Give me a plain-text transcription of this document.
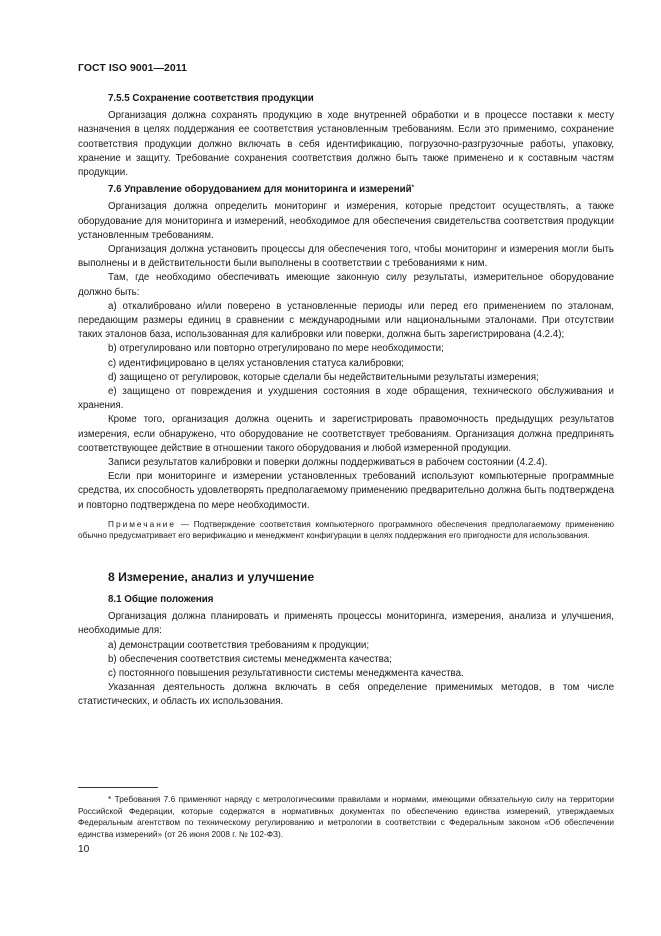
ГОСТ ISO 9001—2011
7.5.5 Сохранение соответствия продукции

Организация должна сохранять продукцию в ходе внутренней обработки и в процессе поставки к месту назначения в целях поддержания ее соответствия установленным требованиям. Если это применимо, сохранение соответствия продукции должно включать в себя идентификацию, погрузочно-разгрузочные работы, упаковку, хранение и защиту. Требование сохранения соответствия должно быть также применено и к составным частям продукции.

7.6 Управление оборудованием для мониторинга и измерений*

Организация должна определить мониторинг и измерения, которые предстоит осуществлять, а также оборудование для мониторинга и измерений, необходимое для обеспечения свидетельства соответствия продукции установленным требованиям.

Организация должна установить процессы для обеспечения того, чтобы мониторинг и измерения могли быть выполнены и в действительности были выполнены в соответствии с требованиями к ним.

Там, где необходимо обеспечивать имеющие законную силу результаты, измерительное оборудование должно быть:

a) откалибровано и/или поверено в установленные периоды или перед его применением по эталонам, передающим размеры единиц в сравнении с международными или национальными эталонами. При отсутствии таких эталонов база, использованная для калибровки или поверки, должна быть зарегистрирована (4.2.4);

b) отрегулировано или повторно отрегулировано по мере необходимости;

c) идентифицировано в целях установления статуса калибровки;

d) защищено от регулировок, которые сделали бы недействительными результаты измерения;

e) защищено от повреждения и ухудшения состояния в ходе обращения, технического обслуживания и хранения.

Кроме того, организация должна оценить и зарегистрировать правомочность предыдущих результатов измерения, если обнаружено, что оборудование не соответствует требованиям. Организация должна предпринять соответствующее действие в отношении такого оборудования и любой измеренной продукции.

Записи результатов калибровки и поверки должны поддерживаться в рабочем состоянии (4.2.4).

Если при мониторинге и измерении установленных требований используют компьютерные программные средства, их способность удовлетворять предполагаемому применению предварительно должна быть подтверждена и повторно подтверждена по мере необходимости.

Примечание — Подтверждение соответствия компьютерного программного обеспечения предполагаемому применению обычно предусматривает его верификацию и менеджмент конфигурации в целях поддержания его пригодности для использования.
8 Измерение, анализ и улучшение
8.1 Общие положения

Организация должна планировать и применять процессы мониторинга, измерения, анализа и улучшения, необходимые для:

a) демонстрации соответствия требованиям к продукции;

b) обеспечения соответствия системы менеджмента качества;

c) постоянного повышения результативности системы менеджмента качества.

Указанная деятельность должна включать в себя определение применимых методов, в том числе статистических, и область их использования.

* Требования 7.6 применяют наряду с метрологическими правилами и нормами, имеющими обязательную силу на территории Российской Федерации, которые содержатся в нормативных документах по обеспечению единства измерений, утверждаемых Федеральным агентством по техническому регулированию и метрологии в соответствии с Федеральным законом «Об обеспечении единства измерений» (от 26 июня 2008 г. № 102-ФЗ).
10
